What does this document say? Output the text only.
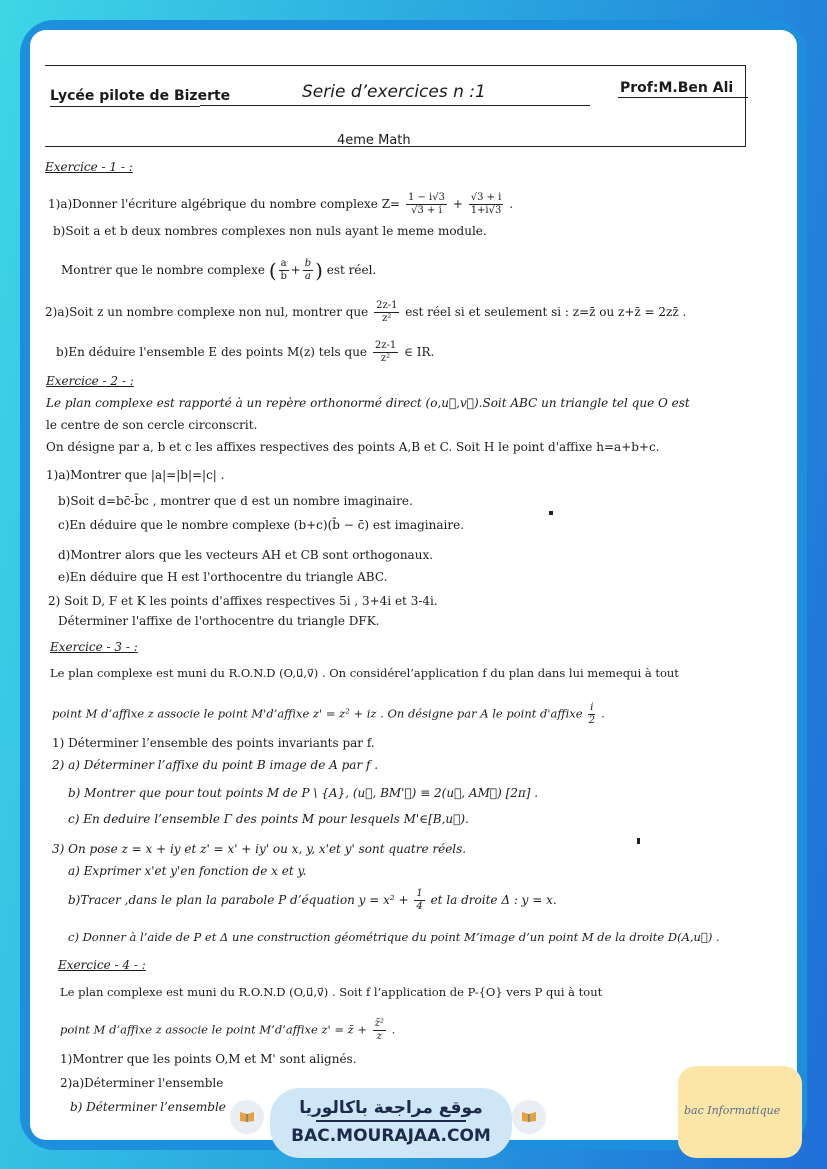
Lycée pilote de Bizerte	Serie d’exercices n :1	Prof:M.Ben Ali
4eme Math
Exercice - 1 - :
1)a)Donner l'écriture algébrique du nombre complexe $Z= \frac{1 - i√3}{√3 + i} + \frac{√3 + i}{1+i√3}$ .
b)Soit a et b deux nombres complexes non nuls ayant le meme module.
Montrer que le nombre complexe ( $\frac{a}{b} + \frac{b}{a}$ ) est réel.
2)a)Soit z un nombre complexe non nul, montrer que $\frac{2z-1}{\text{z²}}$ est réel si et seulement si : z=z̄ ou z+z̄ = 2zz̄ .
b)En déduire l'ensemble E des points M(z) tels que $\frac{2z-1}{\text{z²}}$ ∈ IR.
Exercice - 2 - :
Le plan complexe est rapporté à un repère orthonormé direct (o,u⃗,v⃗).Soit ABC un triangle tel que O est
le centre de son cercle circonscrit.
On désigne par a, b et c les affixes respectives des points A,B et C. Soit H le point d'affixe h=a+b+c.
1)a)Montrer que |a|=|b|=|c| .
b)Soit d=bc̄-b̄c , montrer que d est un nombre imaginaire.
c)En déduire que le nombre complexe (b+c)(b̄ − c̄) est imaginaire.
d)Montrer alors que les vecteurs AH et CB sont orthogonaux.
e)En déduire que H est l'orthocentre du triangle ABC.
2) Soit D, F et K les points d'affixes respectives 5i , 3+4i et 3-4i.
Déterminer l'affixe de l'orthocentre du triangle DFK.
Exercice - 3 - :
Le plan complexe est muni du R.O.N.D (O,u⃗,v⃗) . On considérel’application f du plan dans lui memequi à tout
point M d’affixe z associe le point M'd’affixe z' = z² + iz . On désigne par A le point d'affixe $\frac{i}{2}$ .
1) Déterminer l’ensemble des points invariants par f.
2) a) Déterminer l’affixe du point B image de A par f .
b) Montrer que pour tout points M de P \ {A}, (u⃗, BM'⃗) ≡ 2(u⃗, AM⃗) [2π] .
c) En deduire l’ensemble Γ des points M pour lesquels M'∈[B,u⃗).
3) On pose z = x + iy et z' = x' + iy' ou x, y, x'et y' sont quatre réels.
a) Exprimer x'et y'en fonction de x et y.
b)Tracer ,dans le plan la parabole P d’équation $y = x^2 + \frac{1}{4}$ et la droite Δ : y = x.
c) Donner à l’aide de P et Δ une construction géométrique du point M’image d’un point M de la droite D(A,u⃗) .
Exercice - 4 - :
Le plan complexe est muni du R.O.N.D (O,u⃗,v⃗) . Soit f l’application de P-{O} vers P qui à tout
point M d’affixe z associe le point M’d’affixe z' = z̄ + $\frac{\text{z̄²}}{z}$ .
1)Montrer que les points O,M et M' sont alignés.
2)a)Déterminer l'ensemble
b) Déterminer l’ensemble	موقع مراجعة باكالوريا
BAC.MOURAJAA.COM
bac Informatique
